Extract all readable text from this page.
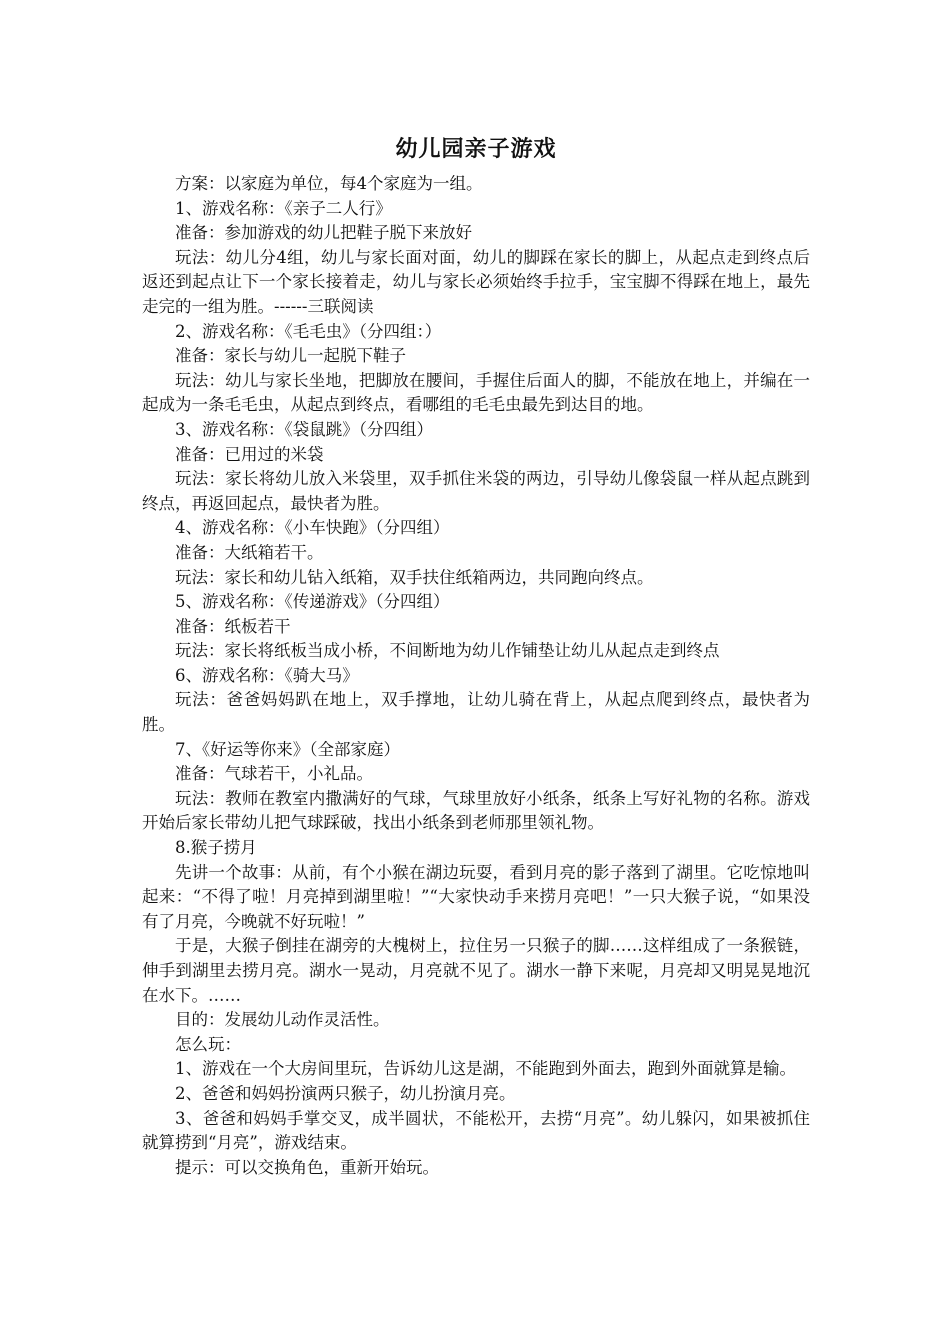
幼儿园亲子游戏

方案：以家庭为单位，每4个家庭为一组。

1、游戏名称：《亲子二人行》

准备：参加游戏的幼儿把鞋子脱下来放好

玩法：幼儿分4组，幼儿与家长面对面，幼儿的脚踩在家长的脚上，从起点走到终点后返还到起点让下一个家长接着走，幼儿与家长必须始终手拉手，宝宝脚不得踩在地上，最先走完的一组为胜。------三联阅读

2、游戏名称：《毛毛虫》（分四组：）

准备：家长与幼儿一起脱下鞋子

玩法：幼儿与家长坐地，把脚放在腰间，手握住后面人的脚，不能放在地上，并编在一起成为一条毛毛虫，从起点到终点，看哪组的毛毛虫最先到达目的地。

3、游戏名称：《袋鼠跳》（分四组）

准备：已用过的米袋

玩法：家长将幼儿放入米袋里，双手抓住米袋的两边，引导幼儿像袋鼠一样从起点跳到终点，再返回起点，最快者为胜。

4、游戏名称：《小车快跑》（分四组）

准备：大纸箱若干。

玩法：家长和幼儿钻入纸箱，双手扶住纸箱两边，共同跑向终点。

5、游戏名称：《传递游戏》（分四组）

准备：纸板若干

玩法：家长将纸板当成小桥，不间断地为幼儿作铺垫让幼儿从起点走到终点

6、游戏名称：《骑大马》

玩法：爸爸妈妈趴在地上，双手撑地，让幼儿骑在背上，从起点爬到终点，最快者为胜。

7、《好运等你来》（全部家庭）

准备：气球若干，小礼品。

玩法：教师在教室内撒满好的气球，气球里放好小纸条，纸条上写好礼物的名称。游戏开始后家长带幼儿把气球踩破，找出小纸条到老师那里领礼物。

8.猴子捞月

先讲一个故事：从前，有个小猴在湖边玩耍，看到月亮的影子落到了湖里。它吃惊地叫起来：“不得了啦！月亮掉到湖里啦！”“大家快动手来捞月亮吧！”一只大猴子说，“如果没有了月亮，今晚就不好玩啦！”

于是，大猴子倒挂在湖旁的大槐树上，拉住另一只猴子的脚……这样组成了一条猴链，伸手到湖里去捞月亮。湖水一晃动，月亮就不见了。湖水一静下来呢，月亮却又明晃晃地沉在水下。……

目的：发展幼儿动作灵活性。

怎么玩：

1、游戏在一个大房间里玩，告诉幼儿这是湖，不能跑到外面去，跑到外面就算是输。

2、爸爸和妈妈扮演两只猴子，幼儿扮演月亮。

3、爸爸和妈妈手掌交叉，成半圆状，不能松开，去捞“月亮”。幼儿躲闪，如果被抓住就算捞到“月亮”，游戏结束。

提示：可以交换角色，重新开始玩。
